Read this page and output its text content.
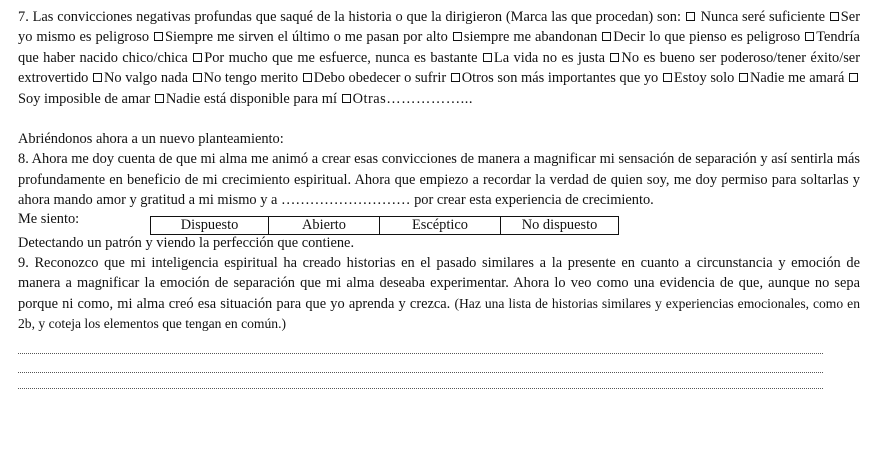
7. Las convicciones negativas profundas que saqué de la historia o que la dirigieron (Marca las que procedan) son: Nunca seré suficiente Ser yo mismo es peligroso Siempre me sirven el último o me pasan por alto siempre me abandonan Decir lo que pienso es peligroso Tendría que haber nacido chico/chica Por mucho que me esfuerce, nunca es bastante La vida no es justa No es bueno ser poderoso/tener éxito/ser extrovertido No valgo nada No tengo merito Debo obedecer o sufrir Otros son más importantes que yo Estoy solo Nadie me amará Soy imposible de amar Nadie está disponible para mí Otras……………...

Abriéndonos ahora a un nuevo planteamiento:

8. Ahora me doy cuenta de que mi alma me animó a crear esas convicciones de manera a magnificar mi sensación de separación y así sentirla más profundamente en beneficio de mi crecimiento espiritual. Ahora que empiezo a recordar la verdad de quien soy, me doy permiso para soltarlas y ahora mando amor y gratitud a mi mismo y a ……………………… por crear esta experiencia de crecimiento.

Me siento:	Dispuesto	Abierto	Escéptico	No dispuesto

Detectando un patrón y viendo la perfección que contiene.

9. Reconozco que mi inteligencia espiritual ha creado historias en el pasado similares a la presente en cuanto a circunstancia y emoción de manera a magnificar la emoción de separación que mi alma deseaba experimentar. Ahora lo veo como una evidencia de que, aunque no sepa porque ni como, mi alma creó esa situación para que yo aprenda y crezca. (Haz una lista de historias similares y experiencias emocionales, como en 2b, y coteja los elementos que tengan en común.)
